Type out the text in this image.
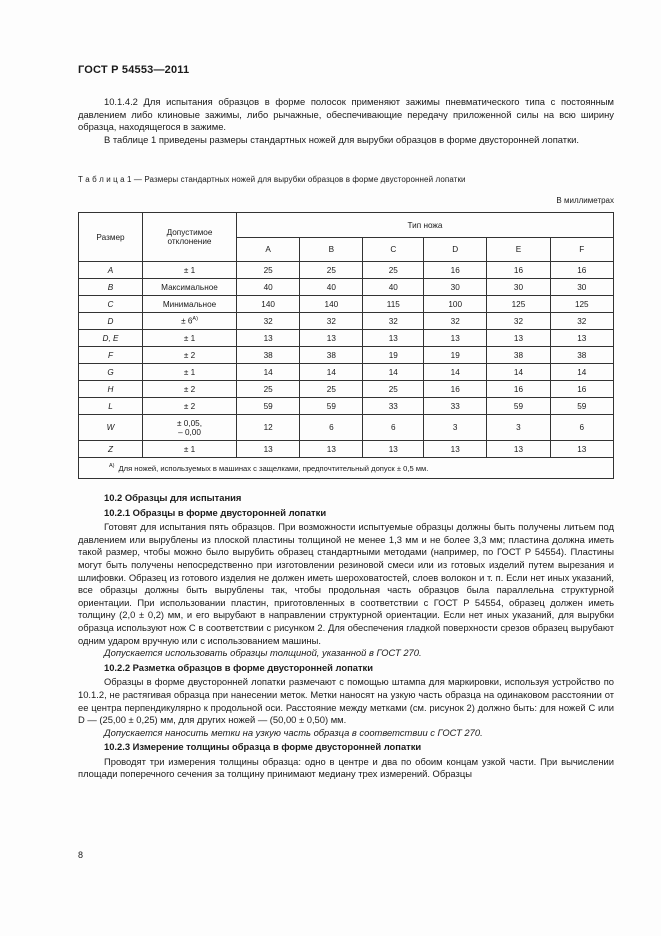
ГОСТ Р 54553—2011

10.1.4.2 Для испытания образцов в форме полосок применяют зажимы пневматического типа с постоянным давлением либо клиновые зажимы, либо рычажные, обеспечивающие передачу приложенной силы на всю ширину образца, находящегося в зажиме.

В таблице 1 приведены размеры стандартных ножей для вырубки образцов в форме двусторонней лопатки.

Т а б л и ц а 1 — Размеры стандартных ножей для вырубки образцов в форме двусторонней лопатки
В миллиметрах
Размер	Допустимое отклонение	Тип ножа					
		A	B	C	D	E	F
A	± 1	25	25	25	16	16	16
B	Максимальное	40	40	40	30	30	30
C	Минимальное	140	140	115	100	125	125
D	± $6^{A)}$	32	32	32	32	32	32
D, E	± 1	13	13	13	13	13	13
F	± 2	38	38	19	19	38	38
G	± 1	14	14	14	14	14	14
H	± 2	25	25	25	16	16	16
L	± 2	59	59	33	33	59	59
W	± 0,05,
– 0,00	12	6	6	3	3	6
Z	± 1	13	13	13	13	13	13
$^{A)}$ Для ножей, используемых в машинах с защелками, предпочтительный допуск ± 0,5 мм.							
10.2 Образцы для испытания
10.2.1 Образцы в форме двусторонней лопатки

Готовят для испытания пять образцов. При возможности испытуемые образцы должны быть получены литьем под давлением или вырублены из плоской пластины толщиной не менее 1,3 мм и не более 3,3 мм; пластина должна иметь такой размер, чтобы можно было вырубить образец стандартными методами (например, по ГОСТ Р 54554). Пластины могут быть получены непосредственно при изготовлении резиновой смеси или из готовых изделий путем вырезания и шлифовки. Образец из готового изделия не должен иметь шероховатостей, слоев волокон и т. п. Если нет иных указаний, все образцы должны быть вырублены так, чтобы продольная часть образцов была параллельна структурной ориентации. При использовании пластин, приготовленных в соответствии с ГОСТ Р 54554, образец должен иметь толщину (2,0 ± 0,2) мм, и его вырубают в направлении структурной ориентации. Если нет иных указаний, для вырубки образца используют нож С в соответствии с рисунком 2. Для обеспечения гладкой поверхности срезов образец вырубают одним ударом вручную или с использованием машины.

Допускается использовать образцы толщиной, указанной в ГОСТ 270.

10.2.2 Разметка образцов в форме двусторонней лопатки

Образцы в форме двусторонней лопатки размечают с помощью штампа для маркировки, используя устройство по 10.1.2, не растягивая образца при нанесении меток. Метки наносят на узкую часть образца на одинаковом расстоянии от ее центра перпендикулярно к продольной оси. Расстояние между метками (см. рисунок 2) должно быть: для ножей С или D — (25,00 ± 0,25) мм, для других ножей — (50,00 ± 0,50) мм.

Допускается наносить метки на узкую часть образца в соответствии с ГОСТ 270.

10.2.3 Измерение толщины образца в форме двусторонней лопатки

Проводят три измерения толщины образца: одно в центре и два по обоим концам узкой части. При вычислении площади поперечного сечения за толщину принимают медиану трех измерений. Образцы

8
